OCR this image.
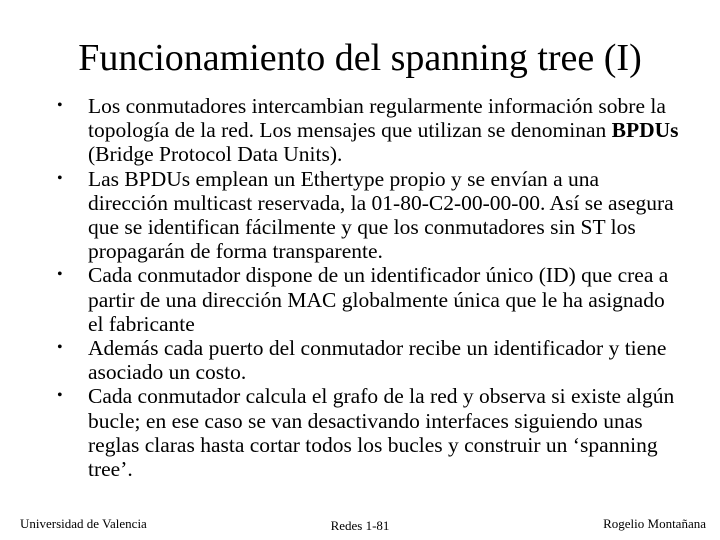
Funcionamiento del spanning tree (I)
• Los conmutadores intercambian regularmente información sobre la topología de la red. Los mensajes que utilizan se denominan BPDUs (Bridge Protocol Data Units).
• Las BPDUs emplean un Ethertype propio y se envían a una dirección multicast reservada, la 01-80-C2-00-00-00. Así se asegura que se identifican fácilmente y que los conmutadores sin ST los propagarán de forma transparente.
• Cada conmutador dispone de un identificador único (ID) que crea a partir de una dirección MAC globalmente única que le ha asignado el fabricante
• Además cada puerto del conmutador recibe un identificador y tiene asociado un costo.
• Cada conmutador calcula el grafo de la red y observa si existe algún bucle; en ese caso se van desactivando interfaces siguiendo unas reglas claras hasta cortar todos los bucles y construir un ‘spanning tree’.
Universidad de Valencia	Redes 1-81	Rogelio Montañana
